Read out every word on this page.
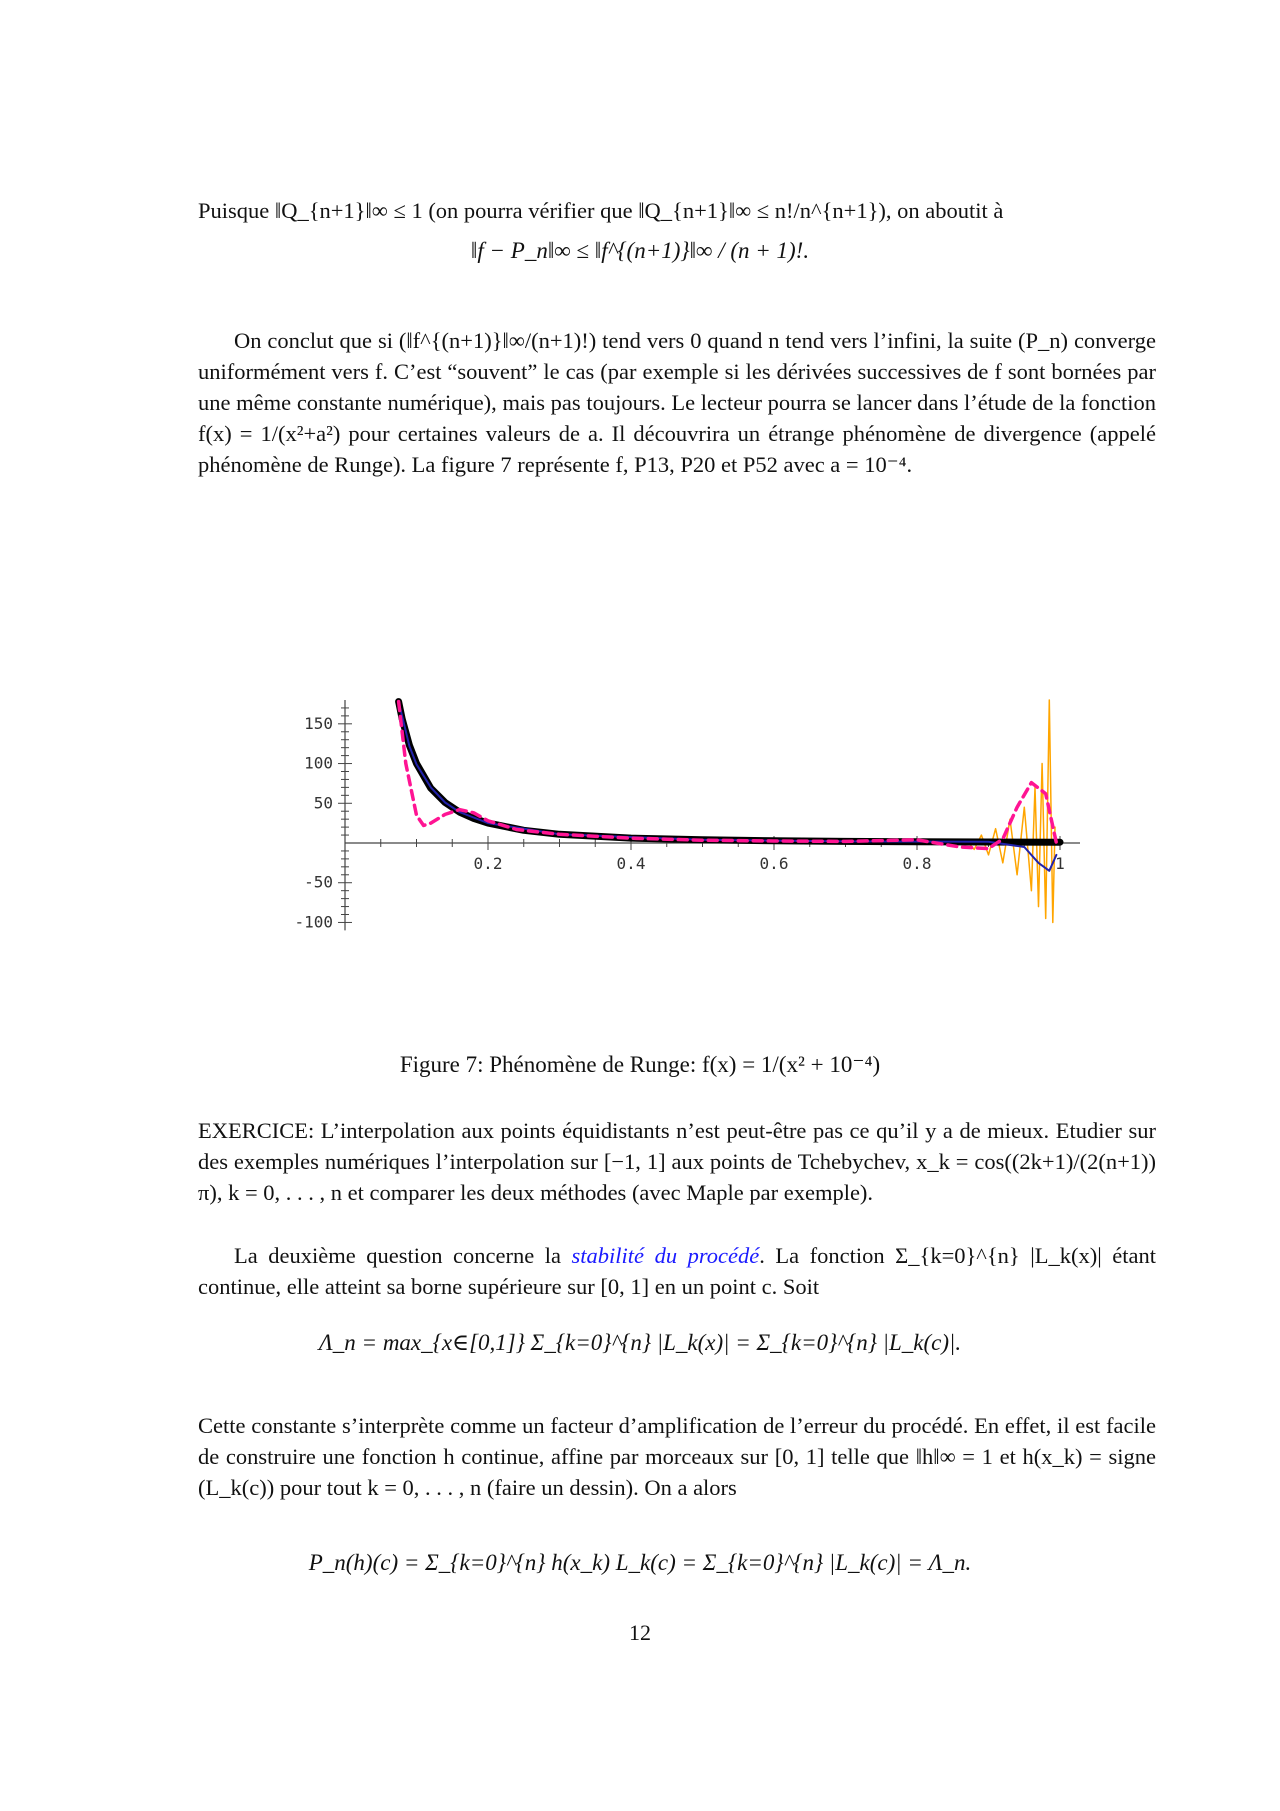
Puisque ‖Q_{n+1}‖∞ ≤ 1 (on pourra vérifier que ‖Q_{n+1}‖∞ ≤ n!/n^{n+1}), on aboutit à
‖f − P_n‖∞ ≤ ‖f^{(n+1)}‖∞ / (n + 1)!.
On conclut que si (‖f^{(n+1)}‖∞/(n+1)!) tend vers 0 quand n tend vers l’infini, la suite (P_n) converge uniformément vers f. C’est “souvent” le cas (par exemple si les dérivées successives de f sont bornées par une même constante numérique), mais pas toujours. Le lecteur pourra se lancer dans l’étude de la fonction f(x) = 1/(x²+a²) pour certaines valeurs de a. Il découvrira un étrange phénomène de divergence (appelé phénomène de Runge). La figure 7 représente f, P13, P20 et P52 avec a = 10⁻⁴.
0.2	0.4	0.6	0.8	1
150
100
50
-50
-100
Figure 7: Phénomène de Runge: f(x) = 1/(x² + 10⁻⁴)
EXERCICE: L’interpolation aux points équidistants n’est peut-être pas ce qu’il y a de mieux. Etudier sur des exemples numériques l’interpolation sur [−1, 1] aux points de Tchebychev, x_k = cos((2k+1)/(2(n+1)) π), k = 0, . . . , n et comparer les deux méthodes (avec Maple par exemple).
La deuxième question concerne la stabilité du procédé. La fonction Σ_{k=0}^{n} |L_k(x)| étant continue, elle atteint sa borne supérieure sur [0, 1] en un point c. Soit
Λ_n = max_{x∈[0,1]} Σ_{k=0}^{n} |L_k(x)| = Σ_{k=0}^{n} |L_k(c)|.
Cette constante s’interprète comme un facteur d’amplification de l’erreur du procédé. En effet, il est facile de construire une fonction h continue, affine par morceaux sur [0, 1] telle que ‖h‖∞ = 1 et h(x_k) = signe (L_k(c)) pour tout k = 0, . . . , n (faire un dessin). On a alors
P_n(h)(c) = Σ_{k=0}^{n} h(x_k) L_k(c) = Σ_{k=0}^{n} |L_k(c)| = Λ_n.
12
